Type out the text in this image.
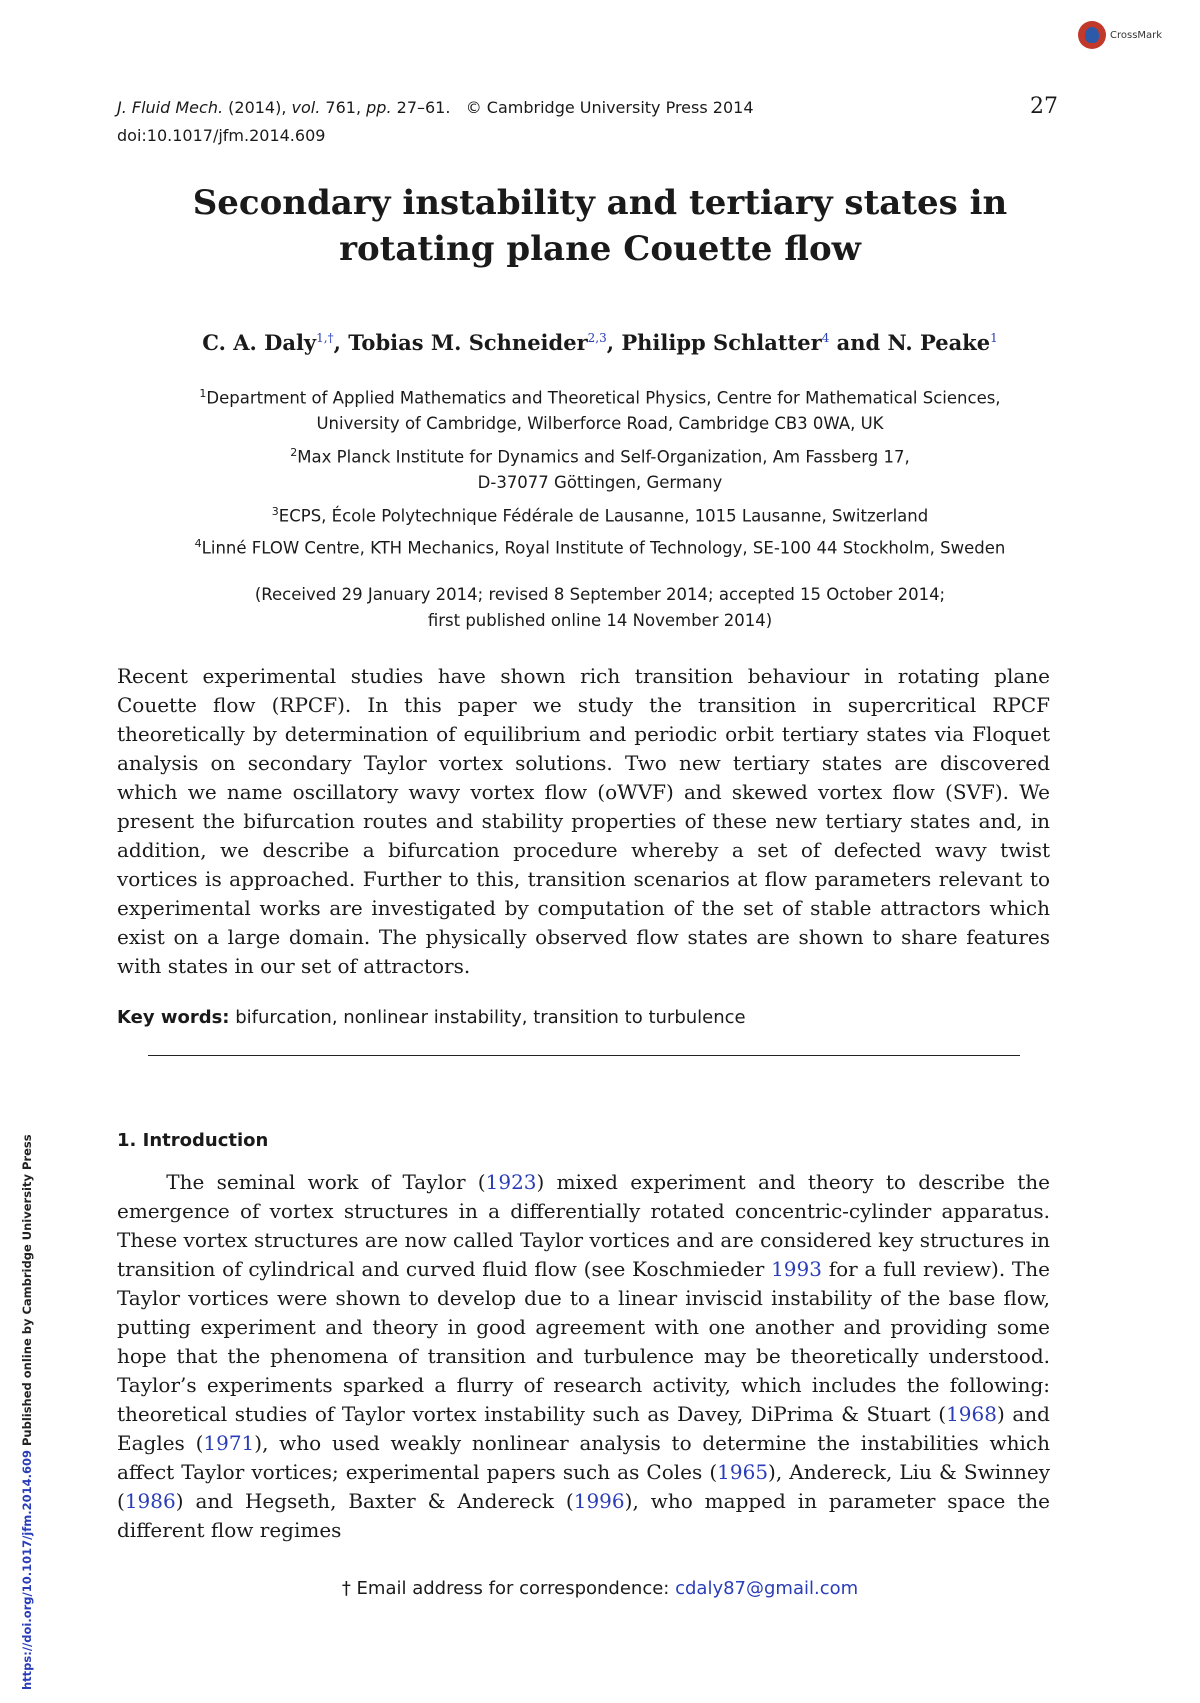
CrossMark
https://doi.org/10.1017/jfm.2014.609 Published online by Cambridge University Press
J. Fluid Mech. (2014), vol. 761, pp. 27–61. © Cambridge University Press 2014	27
doi:10.1017/jfm.2014.609
Secondary instability and tertiary states in
rotating plane Couette flow
C. A. Daly$^{1,\dagger}$, Tobias M. Schneider$^{2,3}$, Philipp Schlatter$^4$ and N. Peake$^1$
$^1$Department of Applied Mathematics and Theoretical Physics, Centre for Mathematical Sciences,
University of Cambridge, Wilberforce Road, Cambridge CB3 0WA, UK
$^2$Max Planck Institute for Dynamics and Self-Organization, Am Fassberg 17,
D-37077 Göttingen, Germany
$^3$ECPS, École Polytechnique Fédérale de Lausanne, 1015 Lausanne, Switzerland
$^4$Linné FLOW Centre, KTH Mechanics, Royal Institute of Technology, SE-100 44 Stockholm, Sweden
(Received 29 January 2014; revised 8 September 2014; accepted 15 October 2014;
first published online 14 November 2014)
Recent experimental studies have shown rich transition behaviour in rotating plane Couette flow (RPCF). In this paper we study the transition in supercritical RPCF theoretically by determination of equilibrium and periodic orbit tertiary states via Floquet analysis on secondary Taylor vortex solutions. Two new tertiary states are discovered which we name oscillatory wavy vortex flow (oWVF) and skewed vortex flow (SVF). We present the bifurcation routes and stability properties of these new tertiary states and, in addition, we describe a bifurcation procedure whereby a set of defected wavy twist vortices is approached. Further to this, transition scenarios at flow parameters relevant to experimental works are investigated by computation of the set of stable attractors which exist on a large domain. The physically observed flow states are shown to share features with states in our set of attractors.
Key words: bifurcation, nonlinear instability, transition to turbulence
1. Introduction
The seminal work of Taylor (1923) mixed experiment and theory to describe the emergence of vortex structures in a differentially rotated concentric-cylinder apparatus. These vortex structures are now called Taylor vortices and are considered key structures in transition of cylindrical and curved fluid flow (see Koschmieder 1993 for a full review). The Taylor vortices were shown to develop due to a linear inviscid instability of the base flow, putting experiment and theory in good agreement with one another and providing some hope that the phenomena of transition and turbulence may be theoretically understood. Taylor’s experiments sparked a flurry of research activity, which includes the following: theoretical studies of Taylor vortex instability such as Davey, DiPrima & Stuart (1968) and Eagles (1971), who used weakly nonlinear analysis to determine the instabilities which affect Taylor vortices; experimental papers such as Coles (1965), Andereck, Liu & Swinney (1986) and Hegseth, Baxter & Andereck (1996), who mapped in parameter space the different flow regimes
† Email address for correspondence: cdaly87@gmail.com
